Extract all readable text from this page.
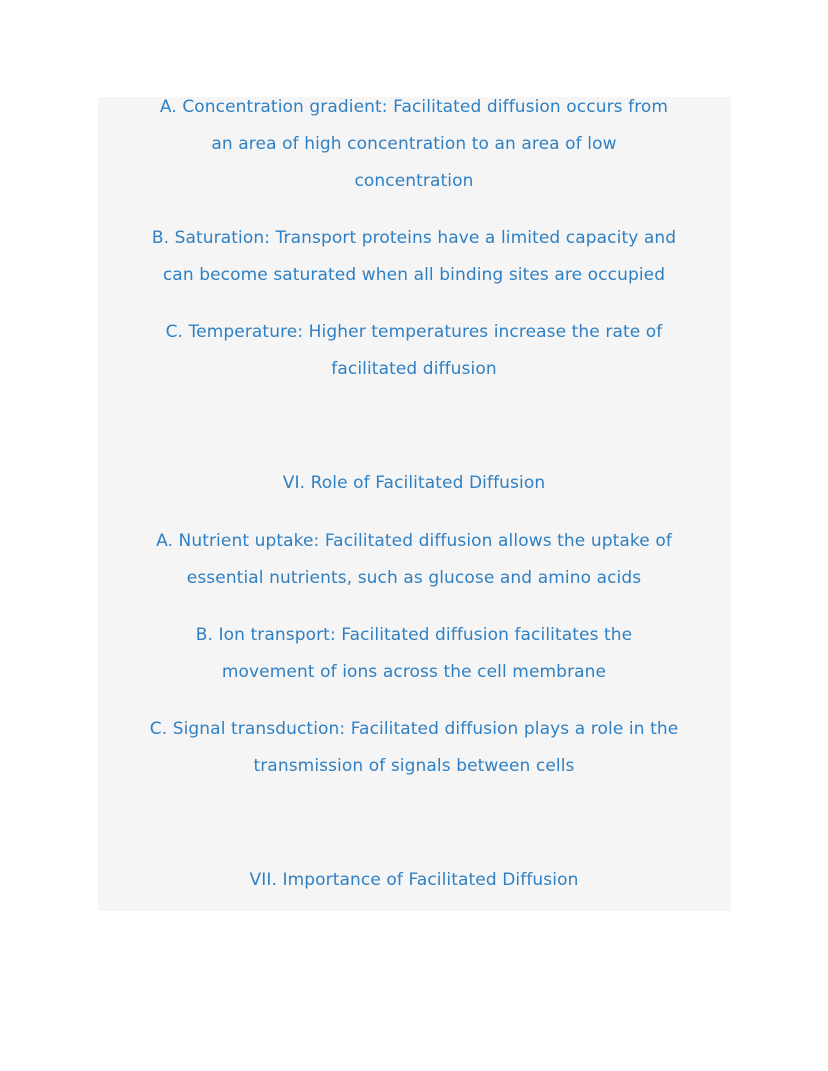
A. Concentration gradient: Facilitated diffusion occurs from
an area of high concentration to an area of low
concentration

B. Saturation: Transport proteins have a limited capacity and
can become saturated when all binding sites are occupied

C. Temperature: Higher temperatures increase the rate of
facilitated diffusion

VI. Role of Facilitated Diffusion

A. Nutrient uptake: Facilitated diffusion allows the uptake of
essential nutrients, such as glucose and amino acids

B. Ion transport: Facilitated diffusion facilitates the
movement of ions across the cell membrane

C. Signal transduction: Facilitated diffusion plays a role in the
transmission of signals between cells

VII. Importance of Facilitated Diffusion
